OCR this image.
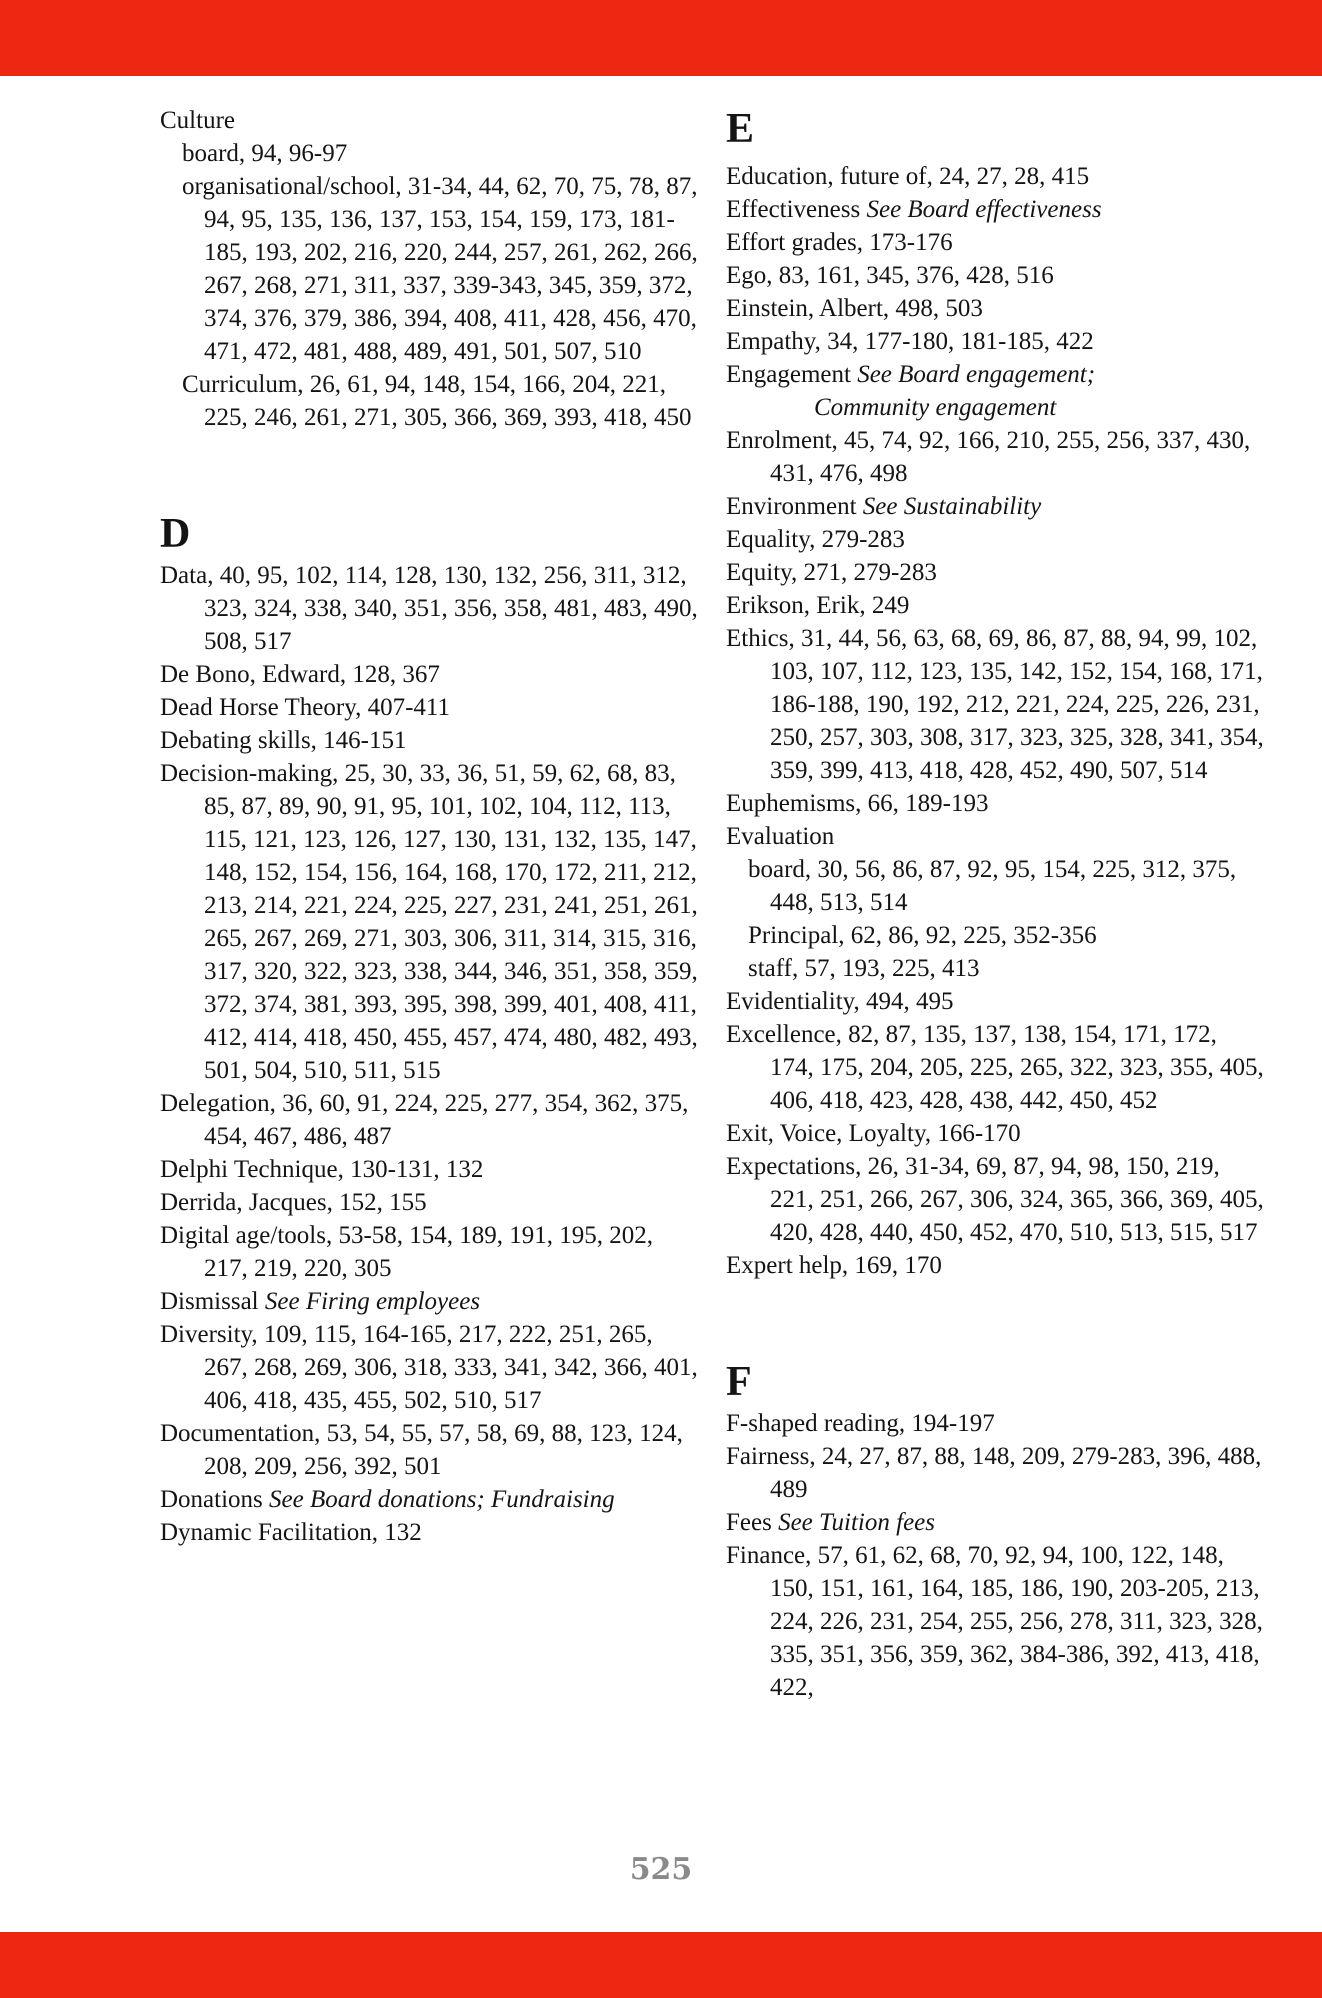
Culture

board, 94, 96-97

organisational/school, 31-34, 44, 62, 70, 75, 78, 87, 94, 95, 135, 136, 137, 153, 154, 159, 173, 181-185, 193, 202, 216, 220, 244, 257, 261, 262, 266, 267, 268, 271, 311, 337, 339-343, 345, 359, 372, 374, 376, 379, 386, 394, 408, 411, 428, 456, 470, 471, 472, 481, 488, 489, 491, 501, 507, 510

Curriculum, 26, 61, 94, 148, 154, 166, 204, 221, 225, 246, 261, 271, 305, 366, 369, 393, 418, 450

D

Data, 40, 95, 102, 114, 128, 130, 132, 256, 311, 312, 323, 324, 338, 340, 351, 356, 358, 481, 483, 490, 508, 517

De Bono, Edward, 128, 367

Dead Horse Theory, 407-411

Debating skills, 146-151

Decision-making, 25, 30, 33, 36, 51, 59, 62, 68, 83, 85, 87, 89, 90, 91, 95, 101, 102, 104, 112, 113, 115, 121, 123, 126, 127, 130, 131, 132, 135, 147, 148, 152, 154, 156, 164, 168, 170, 172, 211, 212, 213, 214, 221, 224, 225, 227, 231, 241, 251, 261, 265, 267, 269, 271, 303, 306, 311, 314, 315, 316, 317, 320, 322, 323, 338, 344, 346, 351, 358, 359, 372, 374, 381, 393, 395, 398, 399, 401, 408, 411, 412, 414, 418, 450, 455, 457, 474, 480, 482, 493, 501, 504, 510, 511, 515

Delegation, 36, 60, 91, 224, 225, 277, 354, 362, 375, 454, 467, 486, 487

Delphi Technique, 130-131, 132

Derrida, Jacques, 152, 155

Digital age/tools, 53-58, 154, 189, 191, 195, 202, 217, 219, 220, 305

Dismissal See Firing employees

Diversity, 109, 115, 164-165, 217, 222, 251, 265, 267, 268, 269, 306, 318, 333, 341, 342, 366, 401, 406, 418, 435, 455, 502, 510, 517

Documentation, 53, 54, 55, 57, 58, 69, 88, 123, 124, 208, 209, 256, 392, 501

Donations See Board donations; Fundraising

Dynamic Facilitation, 132

E

Education, future of, 24, 27, 28, 415

Effectiveness See Board effectiveness

Effort grades, 173-176

Ego, 83, 161, 345, 376, 428, 516

Einstein, Albert, 498, 503

Empathy, 34, 177-180, 181-185, 422

Engagement See Board engagement;
Community engagement

Enrolment, 45, 74, 92, 166, 210, 255, 256, 337, 430, 431, 476, 498

Environment See Sustainability

Equality, 279-283

Equity, 271, 279-283

Erikson, Erik, 249

Ethics, 31, 44, 56, 63, 68, 69, 86, 87, 88, 94, 99, 102, 103, 107, 112, 123, 135, 142, 152, 154, 168, 171, 186-188, 190, 192, 212, 221, 224, 225, 226, 231, 250, 257, 303, 308, 317, 323, 325, 328, 341, 354, 359, 399, 413, 418, 428, 452, 490, 507, 514

Euphemisms, 66, 189-193

Evaluation

board, 30, 56, 86, 87, 92, 95, 154, 225, 312, 375, 448, 513, 514

Principal, 62, 86, 92, 225, 352-356

staff, 57, 193, 225, 413

Evidentiality, 494, 495

Excellence, 82, 87, 135, 137, 138, 154, 171, 172, 174, 175, 204, 205, 225, 265, 322, 323, 355, 405, 406, 418, 423, 428, 438, 442, 450, 452

Exit, Voice, Loyalty, 166-170

Expectations, 26, 31-34, 69, 87, 94, 98, 150, 219, 221, 251, 266, 267, 306, 324, 365, 366, 369, 405, 420, 428, 440, 450, 452, 470, 510, 513, 515, 517

Expert help, 169, 170

F

F-shaped reading, 194-197

Fairness, 24, 27, 87, 88, 148, 209, 279-283, 396, 488, 489

Fees See Tuition fees

Finance, 57, 61, 62, 68, 70, 92, 94, 100, 122, 148, 150, 151, 161, 164, 185, 186, 190, 203-205, 213, 224, 226, 231, 254, 255, 256, 278, 311, 323, 328, 335, 351, 356, 359, 362, 384-386, 392, 413, 418, 422,

525
